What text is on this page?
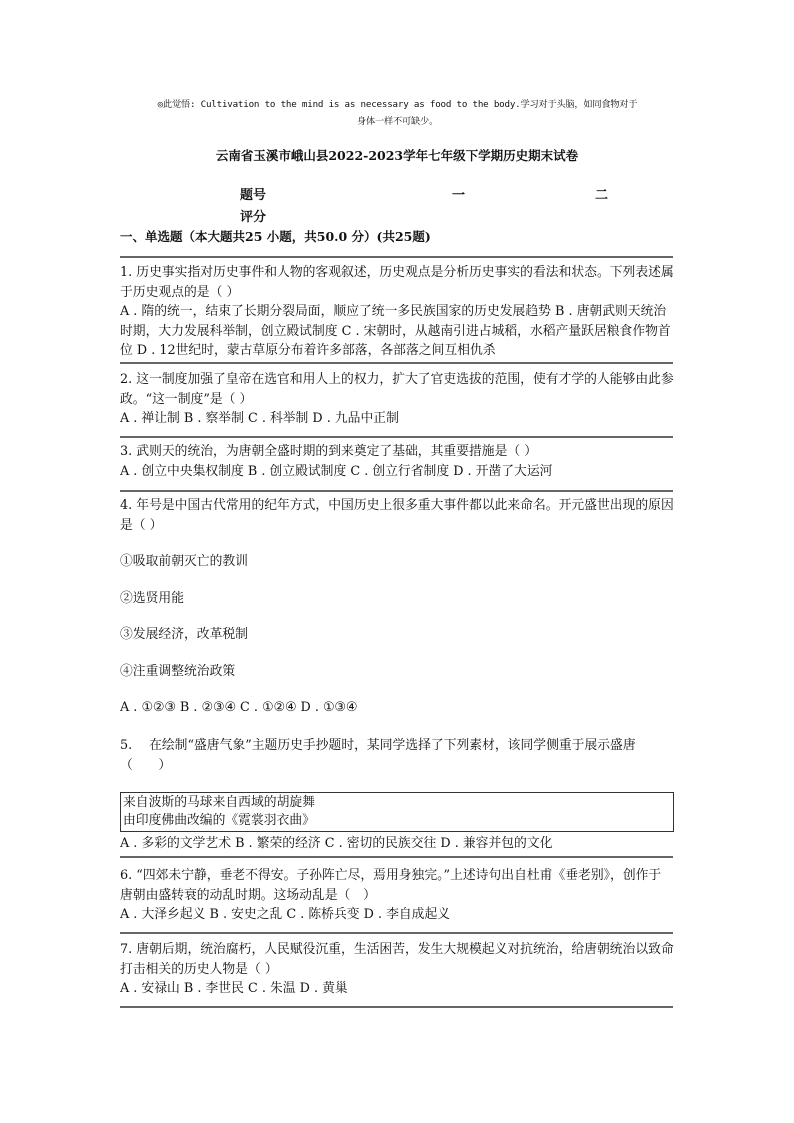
◎此觉悟: Cultivation to the mind is as necessary as food to the body.学习对于头脑，如同食物对于
身体一样不可缺少。
云南省玉溪市峨山县2022-2023学年七年级下学期历史期末试卷
题号	一	二
评分
一、单选题（本大题共25 小题，共50.0 分）(共25题)

1. 历史事实指对历史事件和人物的客观叙述，历史观点是分析历史事实的看法和状态。下列表述属于历史观点的是（ ）

A . 隋的统一，结束了长期分裂局面，顺应了统一多民族国家的历史发展趋势 B . 唐朝武则天统治时期，大力发展科举制，创立殿试制度 C . 宋朝时，从越南引进占城稻，水稻产量跃居粮食作物首位 D . 12世纪时，蒙古草原分布着许多部落，各部落之间互相仇杀

2. 这一制度加强了皇帝在选官和用人上的权力，扩大了官吏选拔的范围，使有才学的人能够由此参政。“这一制度”是（ ）

A . 禅让制 B . 察举制 C . 科举制 D . 九品中正制

3. 武则天的统治，为唐朝全盛时期的到来奠定了基础，其重要措施是（ ）

A . 创立中央集权制度 B . 创立殿试制度 C . 创立行省制度 D . 开凿了大运河

4. 年号是中国古代常用的纪年方式，中国历史上很多重大事件都以此来命名。开元盛世出现的原因是（ ）

①吸取前朝灭亡的教训

②选贤用能

③发展经济，改革税制

④注重调整统治政策

A . ①②③ B . ②③④ C . ①②④ D . ①③④

5.　 在绘制“盛唐气象”主题历史手抄题时，某同学选择了下列素材，该同学侧重于展示盛唐（　　）

来自波斯的马球来自西域的胡旋舞
由印度佛曲改编的《霓裳羽衣曲》

A . 多彩的文学艺术 B . 繁荣的经济 C . 密切的民族交往 D . 兼容并包的文化

6. “四郊未宁静，垂老不得安。子孙阵亡尽，焉用身独完。”上述诗句出自杜甫《垂老别》，创作于唐朝由盛转衰的动乱时期。这场动乱是（　）

A . 大泽乡起义 B . 安史之乱 C . 陈桥兵变 D . 李自成起义

7. 唐朝后期，统治腐朽，人民赋役沉重，生活困苦，发生大规模起义对抗统治，给唐朝统治以致命打击相关的历史人物是（ ）

A . 安禄山 B . 李世民 C . 朱温 D . 黄巢
